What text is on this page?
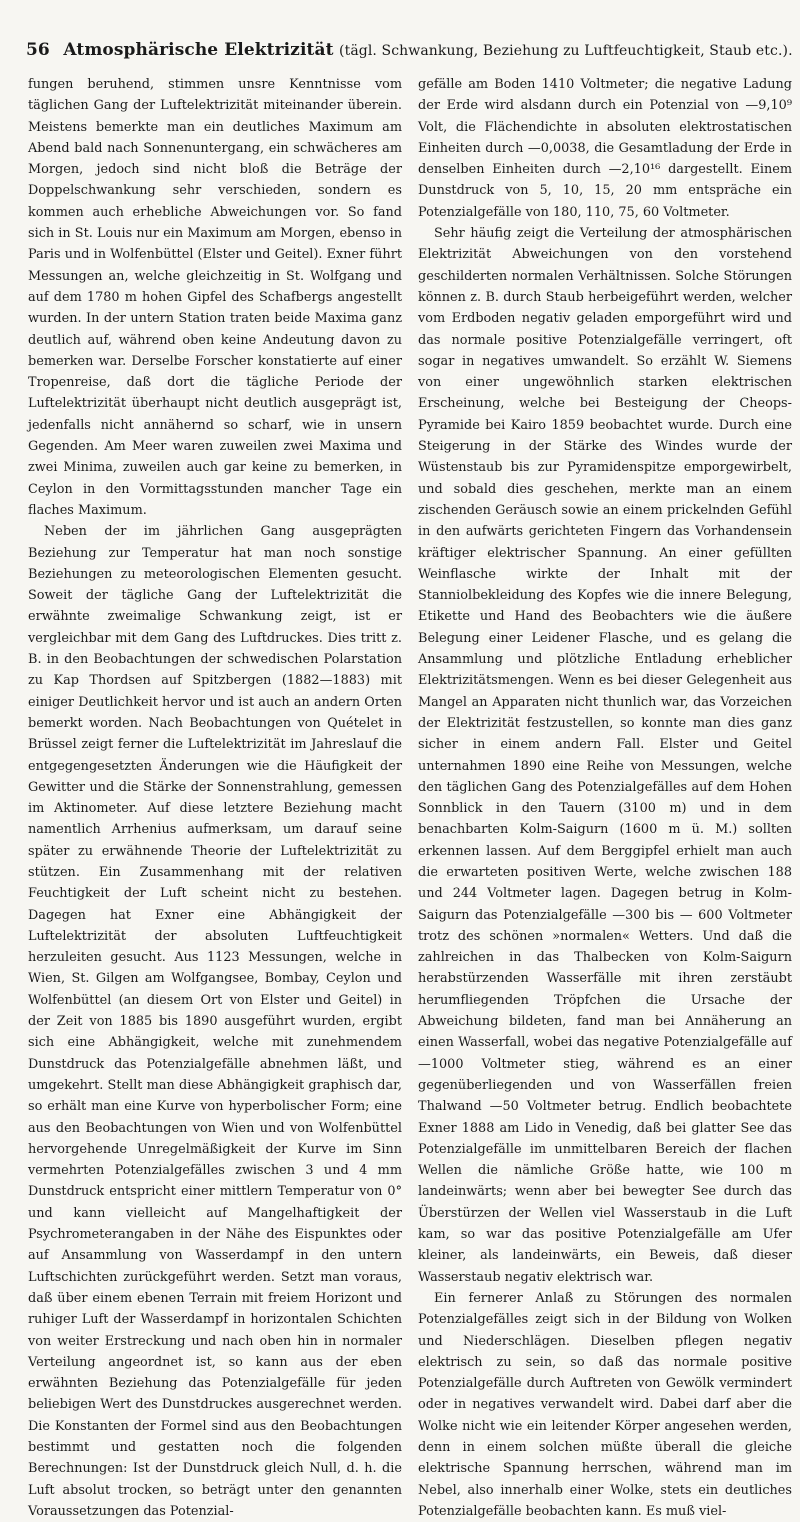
56 Atmosphärische Elektrizität (tägl. Schwankung, Beziehung zu Luftfeuchtigkeit, Staub etc.).

fungen beruhend, stimmen unsre Kenntnisse vom täglichen Gang der Luftelektrizität miteinander überein. Meistens bemerkte man ein deutliches Maximum am Abend bald nach Sonnenuntergang, ein schwächeres am Morgen, jedoch sind nicht bloß die Beträge der Doppelschwankung sehr verschieden, sondern es kommen auch erhebliche Abweichungen vor. So fand sich in St. Louis nur ein Maximum am Morgen, ebenso in Paris und in Wolfenbüttel (Elster und Geitel). Exner führt Messungen an, welche gleichzeitig in St. Wolfgang und auf dem 1780 m hohen Gipfel des Schafbergs angestellt wurden. In der untern Station traten beide Maxima ganz deutlich auf, während oben keine Andeutung davon zu bemerken war. Derselbe Forscher konstatierte auf einer Tropenreise, daß dort die tägliche Periode der Luftelektrizität überhaupt nicht deutlich ausgeprägt ist, jedenfalls nicht annähernd so scharf, wie in unsern Gegenden. Am Meer waren zuweilen zwei Maxima und zwei Minima, zuweilen auch gar keine zu bemerken, in Ceylon in den Vormittagsstunden mancher Tage ein flaches Maximum.

Neben der im jährlichen Gang ausgeprägten Beziehung zur Temperatur hat man noch sonstige Beziehungen zu meteorologischen Elementen gesucht. Soweit der tägliche Gang der Luftelektrizität die erwähnte zweimalige Schwankung zeigt, ist er vergleichbar mit dem Gang des Luftdruckes. Dies tritt z. B. in den Beobachtungen der schwedischen Polarstation zu Kap Thordsen auf Spitzbergen (1882—1883) mit einiger Deutlichkeit hervor und ist auch an andern Orten bemerkt worden. Nach Beobachtungen von Quételet in Brüssel zeigt ferner die Luftelektrizität im Jahreslauf die entgegengesetzten Änderungen wie die Häufigkeit der Gewitter und die Stärke der Sonnenstrahlung, gemessen im Aktinometer. Auf diese letztere Beziehung macht namentlich Arrhenius aufmerksam, um darauf seine später zu erwähnende Theorie der Luftelektrizität zu stützen. Ein Zusammenhang mit der relativen Feuchtigkeit der Luft scheint nicht zu bestehen. Dagegen hat Exner eine Abhängigkeit der Luftelektrizität der absoluten Luftfeuchtigkeit herzuleiten gesucht. Aus 1123 Messungen, welche in Wien, St. Gilgen am Wolfgangsee, Bombay, Ceylon und Wolfenbüttel (an diesem Ort von Elster und Geitel) in der Zeit von 1885 bis 1890 ausgeführt wurden, ergibt sich eine Abhängigkeit, welche mit zunehmendem Dunstdruck das Potenzialgefälle abnehmen läßt, und umgekehrt. Stellt man diese Abhängigkeit graphisch dar, so erhält man eine Kurve von hyperbolischer Form; eine aus den Beobachtungen von Wien und von Wolfenbüttel hervorgehende Unregelmäßigkeit der Kurve im Sinn vermehrten Potenzialgefälles zwischen 3 und 4 mm Dunstdruck entspricht einer mittlern Temperatur von 0° und kann vielleicht auf Mangelhaftigkeit der Psychrometerangaben in der Nähe des Eispunktes oder auf Ansammlung von Wasserdampf in den untern Luftschichten zurückgeführt werden. Setzt man voraus, daß über einem ebenen Terrain mit freiem Horizont und ruhiger Luft der Wasserdampf in horizontalen Schichten von weiter Erstreckung und nach oben hin in normaler Verteilung angeordnet ist, so kann aus der eben erwähnten Beziehung das Potenzialgefälle für jeden beliebigen Wert des Dunstdruckes ausgerechnet werden. Die Konstanten der Formel sind aus den Beobachtungen bestimmt und gestatten noch die folgenden Berechnungen: Ist der Dunstdruck gleich Null, d. h. die Luft absolut trocken, so beträgt unter den genannten Voraussetzungen das Potenzial-

gefälle am Boden 1410 Voltmeter; die negative Ladung der Erde wird alsdann durch ein Potenzial von —9,10⁹ Volt, die Flächendichte in absoluten elektrostatischen Einheiten durch —0,0038, die Gesamtladung der Erde in denselben Einheiten durch —2,10¹⁶ dargestellt. Einem Dunstdruck von 5, 10, 15, 20 mm entspräche ein Potenzialgefälle von 180, 110, 75, 60 Voltmeter.

Sehr häufig zeigt die Verteilung der atmosphärischen Elektrizität Abweichungen von den vorstehend geschilderten normalen Verhältnissen. Solche Störungen können z. B. durch Staub herbeigeführt werden, welcher vom Erdboden negativ geladen emporgeführt wird und das normale positive Potenzialgefälle verringert, oft sogar in negatives umwandelt. So erzählt W. Siemens von einer ungewöhnlich starken elektrischen Erscheinung, welche bei Besteigung der Cheops-Pyramide bei Kairo 1859 beobachtet wurde. Durch eine Steigerung in der Stärke des Windes wurde der Wüstenstaub bis zur Pyramidenspitze emporgewirbelt, und sobald dies geschehen, merkte man an einem zischenden Geräusch sowie an einem prickelnden Gefühl in den aufwärts gerichteten Fingern das Vorhandensein kräftiger elektrischer Spannung. An einer gefüllten Weinflasche wirkte der Inhalt mit der Stanniolbekleidung des Kopfes wie die innere Belegung, Etikette und Hand des Beobachters wie die äußere Belegung einer Leidener Flasche, und es gelang die Ansammlung und plötzliche Entladung erheblicher Elektrizitätsmengen. Wenn es bei dieser Gelegenheit aus Mangel an Apparaten nicht thunlich war, das Vorzeichen der Elektrizität festzustellen, so konnte man dies ganz sicher in einem andern Fall. Elster und Geitel unternahmen 1890 eine Reihe von Messungen, welche den täglichen Gang des Potenzialgefälles auf dem Hohen Sonnblick in den Tauern (3100 m) und in dem benachbarten Kolm-Saigurn (1600 m ü. M.) sollten erkennen lassen. Auf dem Berggipfel erhielt man auch die erwarteten positiven Werte, welche zwischen 188 und 244 Voltmeter lagen. Dagegen betrug in Kolm-Saigurn das Potenzialgefälle —300 bis — 600 Voltmeter trotz des schönen »normalen« Wetters. Und daß die zahlreichen in das Thalbecken von Kolm-Saigurn herabstürzenden Wasserfälle mit ihren zerstäubt herumfliegenden Tröpfchen die Ursache der Abweichung bildeten, fand man bei Annäherung an einen Wasserfall, wobei das negative Potenzialgefälle auf —1000 Voltmeter stieg, während es an einer gegenüberliegenden und von Wasserfällen freien Thalwand —50 Voltmeter betrug. Endlich beobachtete Exner 1888 am Lido in Venedig, daß bei glatter See das Potenzialgefälle im unmittelbaren Bereich der flachen Wellen die nämliche Größe hatte, wie 100 m landeinwärts; wenn aber bei bewegter See durch das Überstürzen der Wellen viel Wasserstaub in die Luft kam, so war das positive Potenzialgefälle am Ufer kleiner, als landeinwärts, ein Beweis, daß dieser Wasserstaub negativ elektrisch war.

Ein fernerer Anlaß zu Störungen des normalen Potenzialgefälles zeigt sich in der Bildung von Wolken und Niederschlägen. Dieselben pflegen negativ elektrisch zu sein, so daß das normale positive Potenzialgefälle durch Auftreten von Gewölk vermindert oder in negatives verwandelt wird. Dabei darf aber die Wolke nicht wie ein leitender Körper angesehen werden, denn in einem solchen müßte überall die gleiche elektrische Spannung herrschen, während man im Nebel, also innerhalb einer Wolke, stets ein deutliches Potenzialgefälle beobachten kann. Es muß viel-
